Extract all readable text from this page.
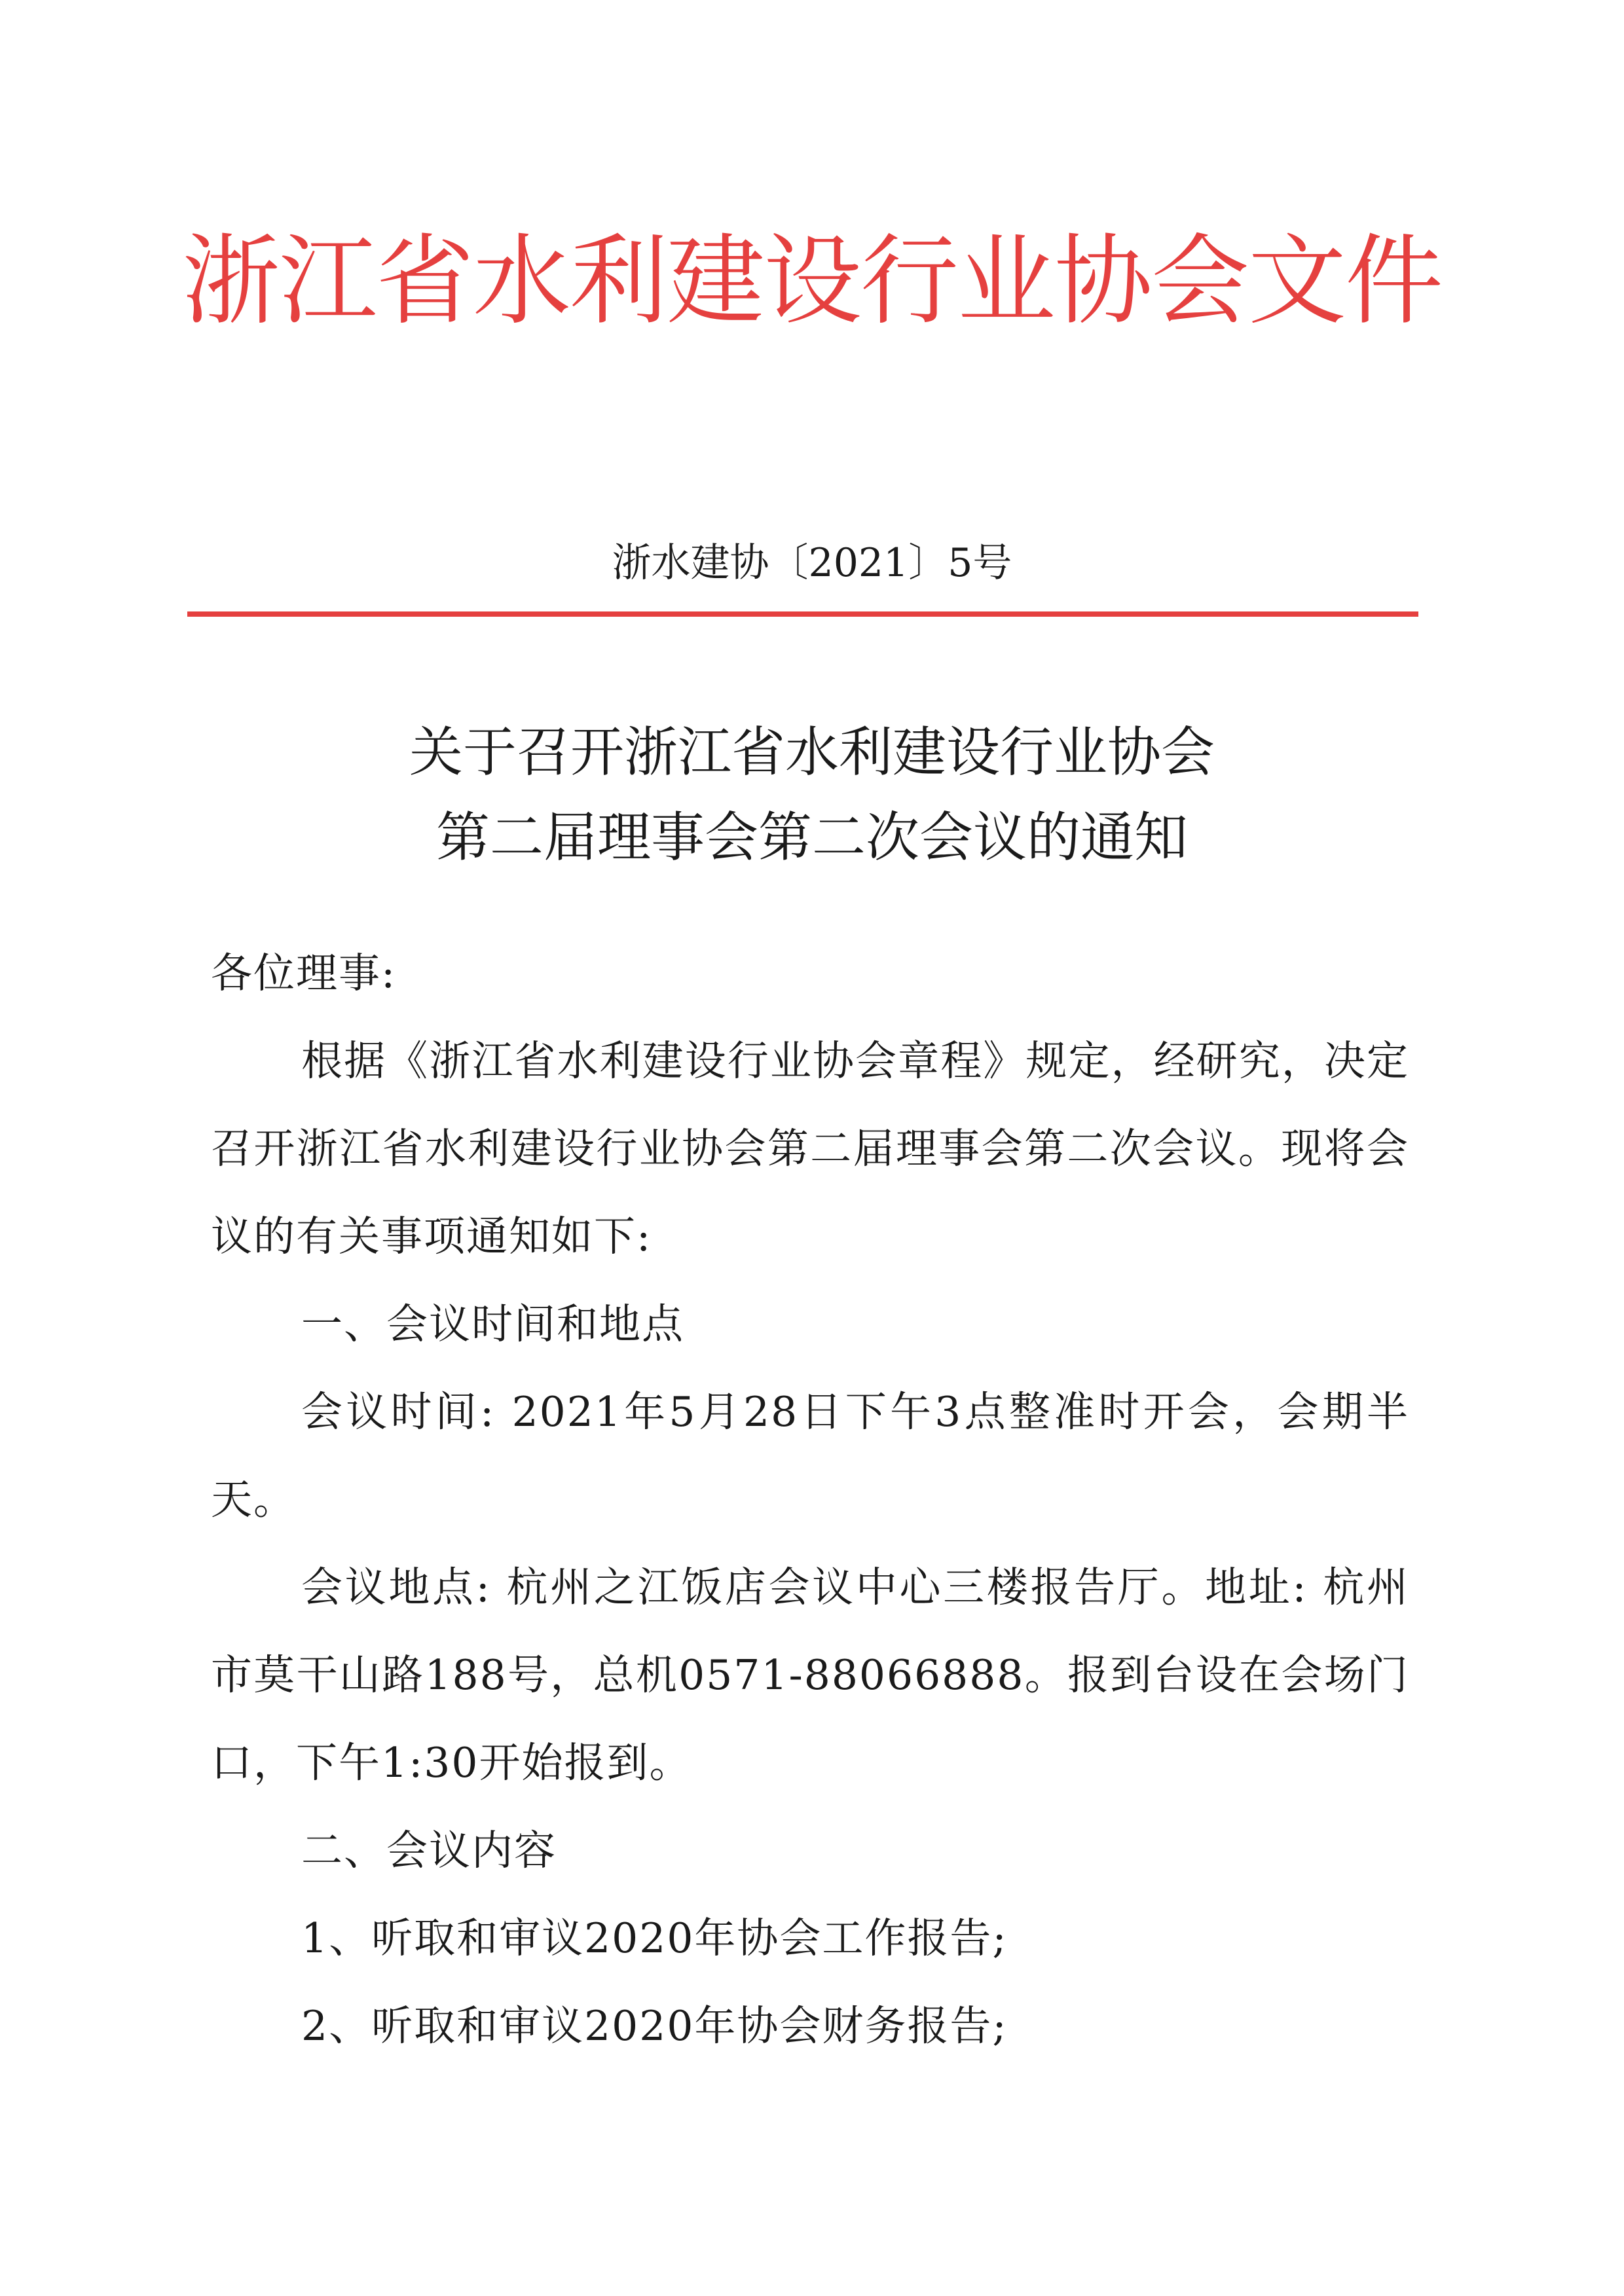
浙江省水利建设行业协会文件
浙水建协〔2021〕5号
关于召开浙江省水利建设行业协会
第二届理事会第二次会议的通知

各位理事:

根据《浙江省水利建设行业协会章程》规定，经研究，决定召开浙江省水利建设行业协会第二届理事会第二次会议。现将会议的有关事项通知如下:

一、会议时间和地点

会议时间: 2021年5月28日下午3点整准时开会，会期半天。

会议地点: 杭州之江饭店会议中心三楼报告厅。地址: 杭州市莫干山路188号，总机0571-88066888。报到台设在会场门口，下午1:30开始报到。

二、会议内容

1、听取和审议2020年协会工作报告;

2、听取和审议2020年协会财务报告;
